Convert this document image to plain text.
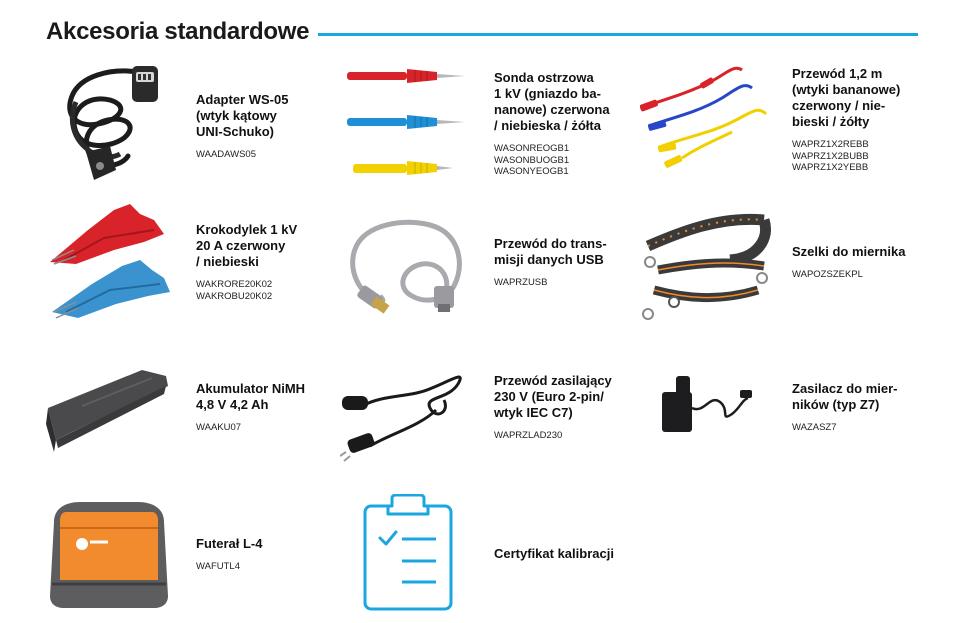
Akcesoria standardowe
Adapter WS-05
(wtyk kątowy
UNI-Schuko)
WAADAWS05
Sonda ostrzowa
1 kV (gniazdo ba-
nanowe) czerwona
/ niebieska / żółta
WASONREOGB1
WASONBUOGB1
WASONYEOGB1
Przewód 1,2 m
(wtyki bananowe)
czerwony / nie-
bieski / żółty
WAPRZ1X2REBB
WAPRZ1X2BUBB
WAPRZ1X2YEBB
Krokodylek 1 kV
20 A czerwony
/ niebieski
WAKRORE20K02
WAKROBU20K02
Przewód do trans-
misji danych USB
WAPRZUSB
Szelki do miernika
WAPOZSZEKPL
Akumulator NiMH
4,8 V 4,2 Ah
WAAKU07
Przewód zasilający
230 V (Euro 2-pin/
wtyk IEC C7)
WAPRZLAD230
Zasilacz do mier-
ników (typ Z7)
WAZASZ7
Futerał L-4
WAFUTL4
Certyfikat kalibracji
